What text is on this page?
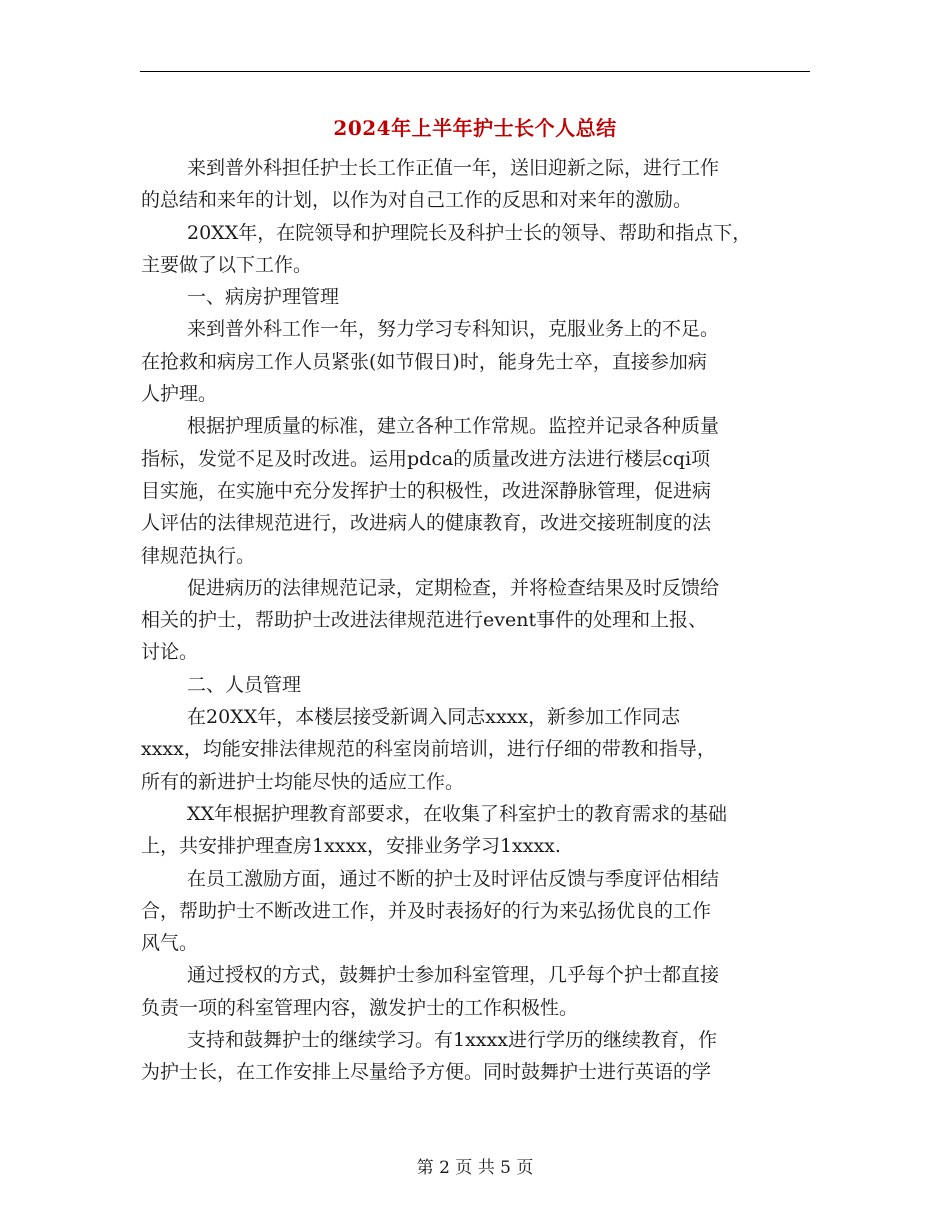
2024年上半年护士长个人总结
来到普外科担任护士长工作正值一年，送旧迎新之际，进行工作
的总结和来年的计划，以作为对自己工作的反思和对来年的激励。
20XX年，在院领导和护理院长及科护士长的领导、帮助和指点下，
主要做了以下工作。
一、病房护理管理
来到普外科工作一年，努力学习专科知识，克服业务上的不足。
在抢救和病房工作人员紧张(如节假日)时，能身先士卒，直接参加病
人护理。
根据护理质量的标准，建立各种工作常规。监控并记录各种质量
指标，发觉不足及时改进。运用pdca的质量改进方法进行楼层cqi项
目实施，在实施中充分发挥护士的积极性，改进深静脉管理，促进病
人评估的法律规范进行，改进病人的健康教育，改进交接班制度的法
律规范执行。
促进病历的法律规范记录，定期检查，并将检查结果及时反馈给
相关的护士，帮助护士改进法律规范进行event事件的处理和上报、
讨论。
二、人员管理
在20XX年，本楼层接受新调入同志xxxx，新参加工作同志
xxxx，均能安排法律规范的科室岗前培训，进行仔细的带教和指导，
所有的新进护士均能尽快的适应工作。
XX年根据护理教育部要求，在收集了科室护士的教育需求的基础
上，共安排护理查房1xxxx，安排业务学习1xxxx.
在员工激励方面，通过不断的护士及时评估反馈与季度评估相结
合，帮助护士不断改进工作，并及时表扬好的行为来弘扬优良的工作
风气。
通过授权的方式，鼓舞护士参加科室管理，几乎每个护士都直接
负责一项的科室管理内容，激发护士的工作积极性。
支持和鼓舞护士的继续学习。有1xxxx进行学历的继续教育，作
为护士长，在工作安排上尽量给予方便。同时鼓舞护士进行英语的学
第 2 页 共 5 页
